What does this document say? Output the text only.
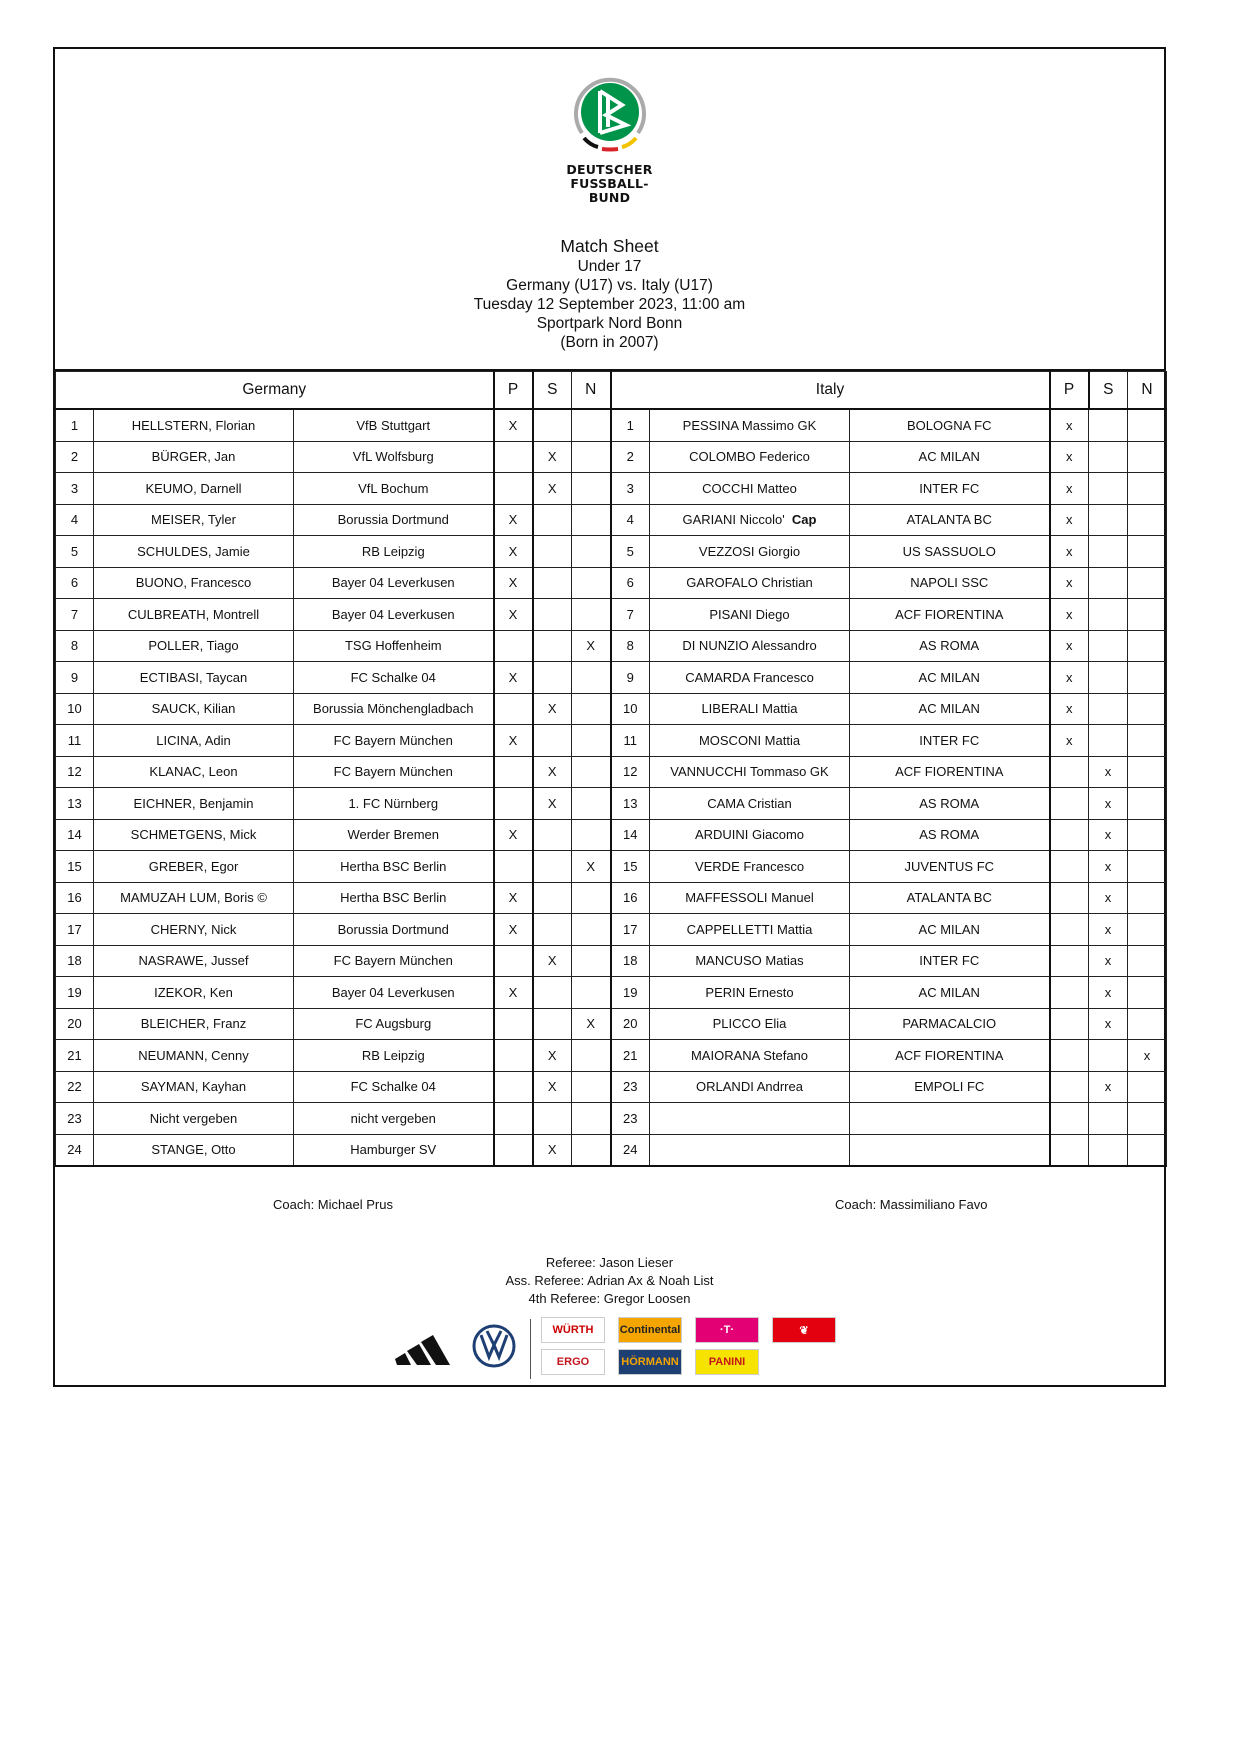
DEUTSCHER
FUSSBALL-BUND
Match Sheet
Under 17
Germany (U17) vs. Italy (U17)
Tuesday 12 September 2023, 11:00 am
Sportpark Nord Bonn
(Born in 2007)
Germany			P	S	N	Italy			P	S	N
1	HELLSTERN, Florian	VfB Stuttgart	X			1	PESSINA Massimo GK	BOLOGNA FC	x		
2	BÜRGER, Jan	VfL Wolfsburg		X		2	COLOMBO Federico	AC MILAN	x		
3	KEUMO, Darnell	VfL Bochum		X		3	COCCHI Matteo	INTER FC	x		
4	MEISER, Tyler	Borussia Dortmund	X			4	GARIANI Niccolo' Cap	ATALANTA BC	x		
5	SCHULDES, Jamie	RB Leipzig	X			5	VEZZOSI Giorgio	US SASSUOLO	x		
6	BUONO, Francesco	Bayer 04 Leverkusen	X			6	GAROFALO Christian	NAPOLI SSC	x		
7	CULBREATH, Montrell	Bayer 04 Leverkusen	X			7	PISANI Diego	ACF FIORENTINA	x		
8	POLLER, Tiago	TSG Hoffenheim			X	8	DI NUNZIO Alessandro	AS ROMA	x		
9	ECTIBASI, Taycan	FC Schalke 04	X			9	CAMARDA Francesco	AC MILAN	x		
10	SAUCK, Kilian	Borussia Mönchengladbach		X		10	LIBERALI Mattia	AC MILAN	x		
11	LICINA, Adin	FC Bayern München	X			11	MOSCONI Mattia	INTER FC	x		
12	KLANAC, Leon	FC Bayern München		X		12	VANNUCCHI Tommaso GK	ACF FIORENTINA		x	
13	EICHNER, Benjamin	1. FC Nürnberg		X		13	CAMA Cristian	AS ROMA		x	
14	SCHMETGENS, Mick	Werder Bremen	X			14	ARDUINI Giacomo	AS ROMA		x	
15	GREBER, Egor	Hertha BSC Berlin			X	15	VERDE Francesco	JUVENTUS FC		x	
16	MAMUZAH LUM, Boris ©	Hertha BSC Berlin	X			16	MAFFESSOLI Manuel	ATALANTA BC		x	
17	CHERNY, Nick	Borussia Dortmund	X			17	CAPPELLETTI Mattia	AC MILAN		x	
18	NASRAWE, Jussef	FC Bayern München		X		18	MANCUSO Matias	INTER FC		x	
19	IZEKOR, Ken	Bayer 04 Leverkusen	X			19	PERIN Ernesto	AC MILAN		x	
20	BLEICHER, Franz	FC Augsburg			X	20	PLICCO Elia	PARMACALCIO		x	
21	NEUMANN, Cenny	RB Leipzig		X		21	MAIORANA Stefano	ACF FIORENTINA			x
22	SAYMAN, Kayhan	FC Schalke 04		X		23	ORLANDI Andrrea	EMPOLI FC		x	
23	Nicht vergeben	nicht vergeben				23					
24	STANGE, Otto	Hamburger SV		X		24					
Coach: Michael Prus	Coach: Massimiliano Favo
Referee: Jason Lieser
Ass. Referee: Adrian Ax & Noah List
4th Referee: Gregor Loosen
WÜRTH	Continental	·T·	❦
ERGO	HÖRMANN	PANINI
